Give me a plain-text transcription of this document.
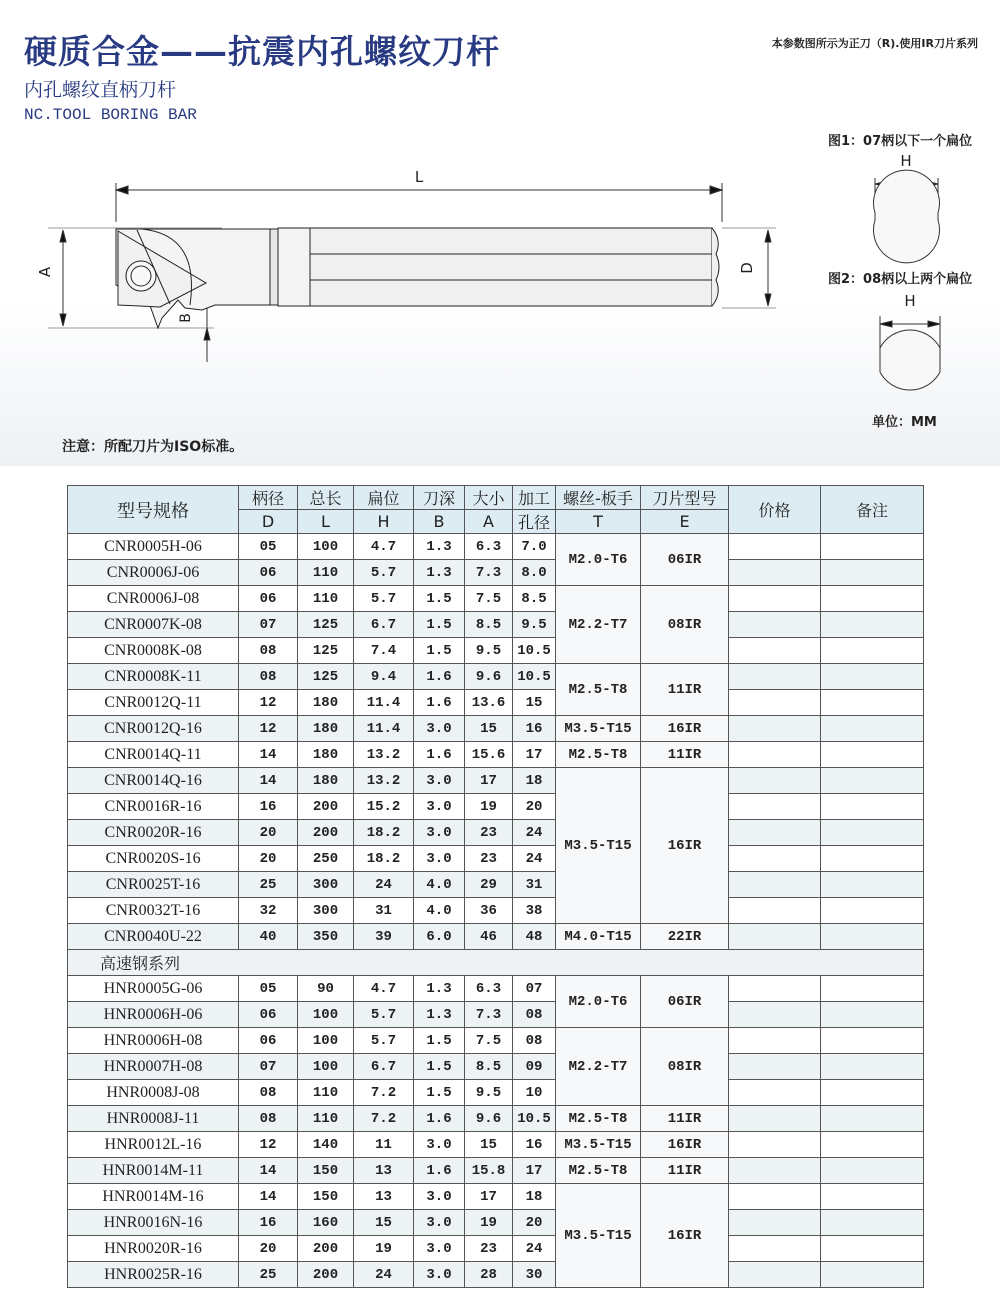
硬质合金——抗震内孔螺纹刀杆
内孔螺纹直柄刀杆
NC.TOOL BORING BAR
本参数图所示为正刀（R).使用IR刀片系列
L
A
B
D
图1：07柄以下一个扁位
H
图2：08柄以上两个扁位
H
单位：MM
注意：所配刀片为ISO标准。
型号规格	柄径	总长	扁位	刀深	大小	加工	螺丝-板手	刀片型号	价格	备注
	D	L	H	B	A	孔径	T	E		
CNR0005H-06	05	100	4.7	1.3	6.3	7.0	M2.0-T6	06IR		
CNR0006J-06	06	110	5.7	1.3	7.3	8.0				
CNR0006J-08	06	110	5.7	1.5	7.5	8.5	M2.2-T7	08IR		
CNR0007K-08	07	125	6.7	1.5	8.5	9.5				
CNR0008K-08	08	125	7.4	1.5	9.5	10.5				
CNR0008K-11	08	125	9.4	1.6	9.6	10.5	M2.5-T8	11IR		
CNR0012Q-11	12	180	11.4	1.6	13.6	15				
CNR0012Q-16	12	180	11.4	3.0	15	16	M3.5-T15	16IR		
CNR0014Q-11	14	180	13.2	1.6	15.6	17	M2.5-T8	11IR		
CNR0014Q-16	14	180	13.2	3.0	17	18	M3.5-T15	16IR		
CNR0016R-16	16	200	15.2	3.0	19	20				
CNR0020R-16	20	200	18.2	3.0	23	24				
CNR0020S-16	20	250	18.2	3.0	23	24				
CNR0025T-16	25	300	24	4.0	29	31				
CNR0032T-16	32	300	31	4.0	36	38				
CNR0040U-22	40	350	39	6.0	46	48	M4.0-T15	22IR		
高速钢系列										
HNR0005G-06	05	90	4.7	1.3	6.3	07	M2.0-T6	06IR		
HNR0006H-06	06	100	5.7	1.3	7.3	08				
HNR0006H-08	06	100	5.7	1.5	7.5	08	M2.2-T7	08IR		
HNR0007H-08	07	100	6.7	1.5	8.5	09				
HNR0008J-08	08	110	7.2	1.5	9.5	10				
HNR0008J-11	08	110	7.2	1.6	9.6	10.5	M2.5-T8	11IR		
HNR0012L-16	12	140	11	3.0	15	16	M3.5-T15	16IR		
HNR0014M-11	14	150	13	1.6	15.8	17	M2.5-T8	11IR		
HNR0014M-16	14	150	13	3.0	17	18	M3.5-T15	16IR		
HNR0016N-16	16	160	15	3.0	19	20				
HNR0020R-16	20	200	19	3.0	23	24				
HNR0025R-16	25	200	24	3.0	28	30				
